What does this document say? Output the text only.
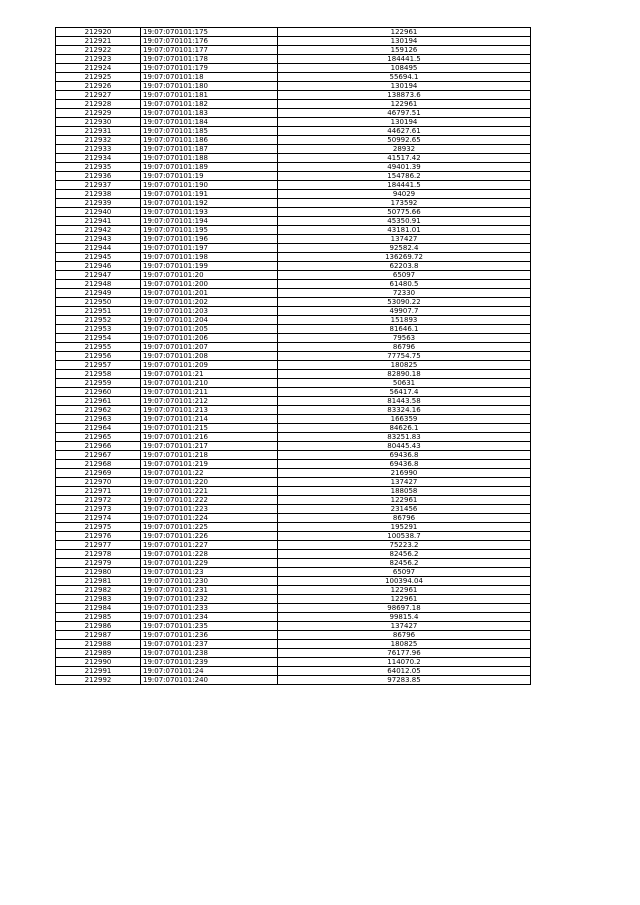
212920	19:07:070101:175	122961
212921	19:07:070101:176	130194
212922	19:07:070101:177	159126
212923	19:07:070101:178	184441.5
212924	19:07:070101:179	108495
212925	19:07:070101:18	55694.1
212926	19:07:070101:180	130194
212927	19:07:070101:181	138873.6
212928	19:07:070101:182	122961
212929	19:07:070101:183	46797.51
212930	19:07:070101:184	130194
212931	19:07:070101:185	44627.61
212932	19:07:070101:186	50992.65
212933	19:07:070101:187	28932
212934	19:07:070101:188	41517.42
212935	19:07:070101:189	49401.39
212936	19:07:070101:19	154786.2
212937	19:07:070101:190	184441.5
212938	19:07:070101:191	94029
212939	19:07:070101:192	173592
212940	19:07:070101:193	50775.66
212941	19:07:070101:194	45350.91
212942	19:07:070101:195	43181.01
212943	19:07:070101:196	137427
212944	19:07:070101:197	92582.4
212945	19:07:070101:198	136269.72
212946	19:07:070101:199	62203.8
212947	19:07:070101:20	65097
212948	19:07:070101:200	61480.5
212949	19:07:070101:201	72330
212950	19:07:070101:202	53090.22
212951	19:07:070101:203	49907.7
212952	19:07:070101:204	151893
212953	19:07:070101:205	81646.1
212954	19:07:070101:206	79563
212955	19:07:070101:207	86796
212956	19:07:070101:208	77754.75
212957	19:07:070101:209	180825
212958	19:07:070101:21	82890.18
212959	19:07:070101:210	50631
212960	19:07:070101:211	56417.4
212961	19:07:070101:212	81443.58
212962	19:07:070101:213	83324.16
212963	19:07:070101:214	166359
212964	19:07:070101:215	84626.1
212965	19:07:070101:216	83251.83
212966	19:07:070101:217	80445.43
212967	19:07:070101:218	69436.8
212968	19:07:070101:219	69436.8
212969	19:07:070101:22	216990
212970	19:07:070101:220	137427
212971	19:07:070101:221	188058
212972	19:07:070101:222	122961
212973	19:07:070101:223	231456
212974	19:07:070101:224	86796
212975	19:07:070101:225	195291
212976	19:07:070101:226	100538.7
212977	19:07:070101:227	75223.2
212978	19:07:070101:228	82456.2
212979	19:07:070101:229	82456.2
212980	19:07:070101:23	65097
212981	19:07:070101:230	100394.04
212982	19:07:070101:231	122961
212983	19:07:070101:232	122961
212984	19:07:070101:233	98697.18
212985	19:07:070101:234	99815.4
212986	19:07:070101:235	137427
212987	19:07:070101:236	86796
212988	19:07:070101:237	180825
212989	19:07:070101:238	76177.96
212990	19:07:070101:239	114070.2
212991	19:07:070101:24	64012.05
212992	19:07:070101:240	97283.85
